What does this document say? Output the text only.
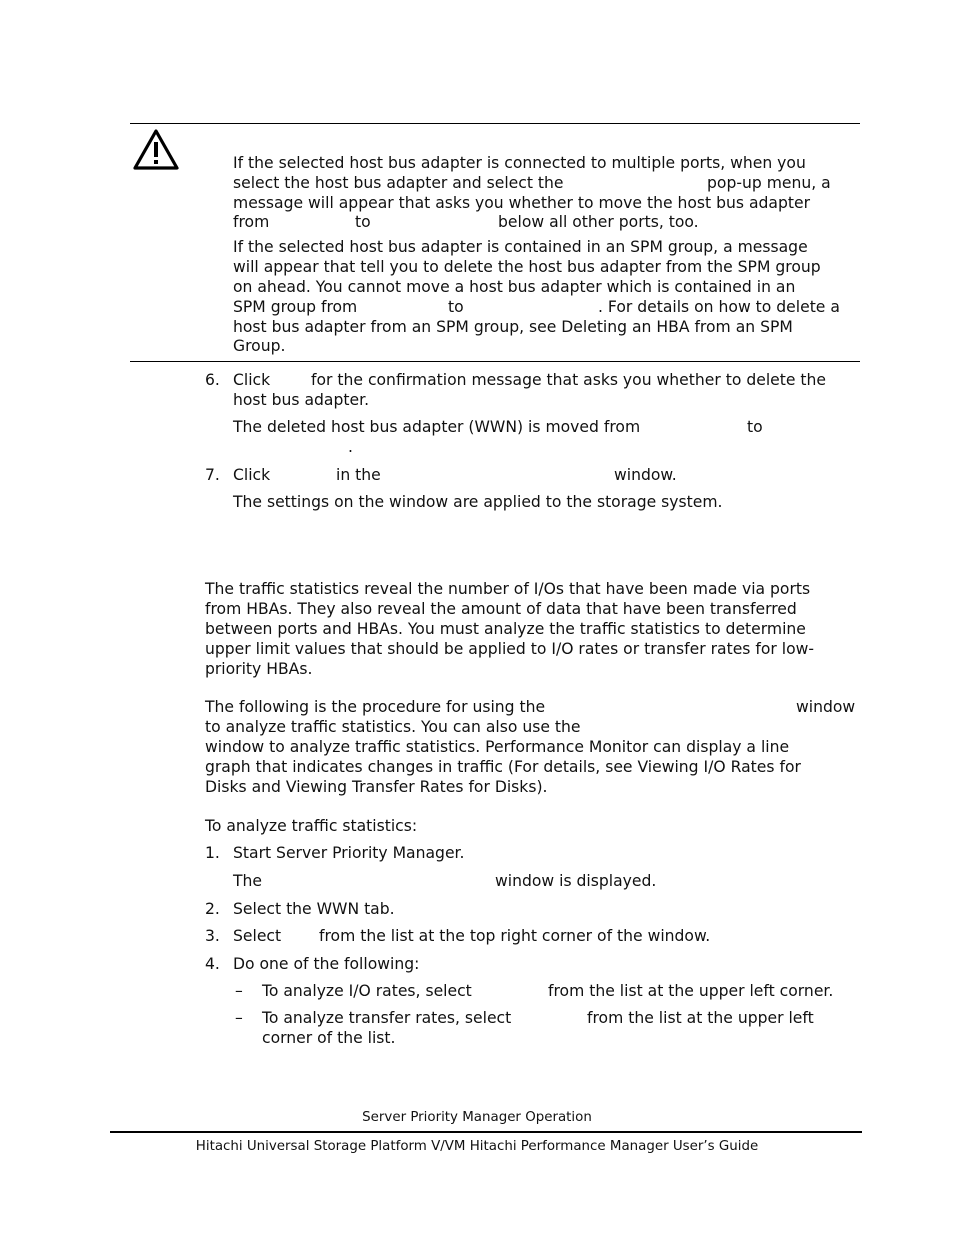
If the selected host bus adapter is connected to multiple ports, when you
select the host bus adapter and select the	pop-up menu, a
message will appear that asks you whether to move the host bus adapter
from	to	below all other ports, too.
If the selected host bus adapter is contained in an SPM group, a message
will appear that tell you to delete the host bus adapter from the SPM group
on ahead. You cannot move a host bus adapter which is contained in an
SPM group from	to	. For details on how to delete a
host bus adapter from an SPM group, see Deleting an HBA from an SPM
Group.
6. Click	for the confirmation message that asks you whether to delete the
host bus adapter.
The deleted host bus adapter (WWN) is moved from	to
.
7. Click	in the	window.
The settings on the window are applied to the storage system.
The traffic statistics reveal the number of I/Os that have been made via ports
from HBAs. They also reveal the amount of data that have been transferred
between ports and HBAs. You must analyze the traffic statistics to determine
upper limit values that should be applied to I/O rates or transfer rates for low-
priority HBAs.
The following is the procedure for using the	window
to analyze traffic statistics. You can also use the
window to analyze traffic statistics. Performance Monitor can display a line
graph that indicates changes in traffic (For details, see Viewing I/O Rates for
Disks and Viewing Transfer Rates for Disks).
To analyze traffic statistics:
1. Start Server Priority Manager.
The	window is displayed.
2. Select the WWN tab.
3. Select from the list at the top right corner of the window.
4. Do one of the following:
– To analyze I/O rates, select	from the list at the upper left corner.
– To analyze transfer rates, select	from the list at the upper left
corner of the list.
Server Priority Manager Operation
Hitachi Universal Storage Platform V/VM Hitachi Performance Manager User’s Guide
